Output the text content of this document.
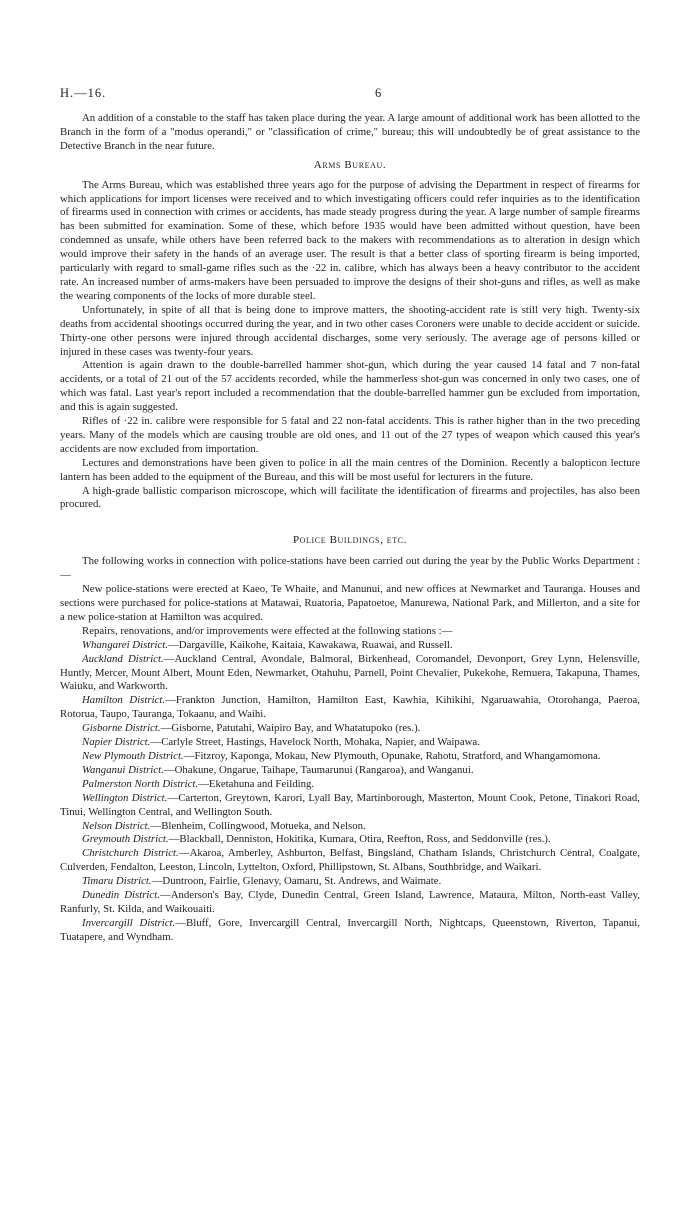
H.—16.	6

An addition of a constable to the staff has taken place during the year. A large amount of additional work has been allotted to the Branch in the form of a "modus operandi," or "classification of crime," bureau; this will undoubtedly be of great assistance to the Detective Branch in the near future.

Arms Bureau.

The Arms Bureau, which was established three years ago for the purpose of advising the Department in respect of firearms for which applications for import licenses were received and to which investigating officers could refer inquiries as to the identification of firearms used in connection with crimes or accidents, has made steady progress during the year. A large number of sample firearms has been submitted for examination. Some of these, which before 1935 would have been admitted without question, have been condemned as unsafe, while others have been referred back to the makers with recommendations as to alteration in design which would improve their safety in the hands of an average user. The result is that a better class of sporting firearm is being imported, particularly with regard to small-game rifles such as the ·22 in. calibre, which has always been a heavy contributor to the accident rate. An increased number of arms-makers have been persuaded to improve the designs of their shot-guns and rifles, as well as make the wearing components of the locks of more durable steel.

Unfortunately, in spite of all that is being done to improve matters, the shooting-accident rate is still very high. Twenty-six deaths from accidental shootings occurred during the year, and in two other cases Coroners were unable to decide accident or suicide. Thirty-one other persons were injured through accidental discharges, some very seriously. The average age of persons killed or injured in these cases was twenty-four years.

Attention is again drawn to the double-barrelled hammer shot-gun, which during the year caused 14 fatal and 7 non-fatal accidents, or a total of 21 out of the 57 accidents recorded, while the hammerless shot-gun was concerned in only two cases, one of which was fatal. Last year's report included a recommendation that the double-barrelled hammer gun be excluded from importation, and this is again suggested.

Rifles of ·22 in. calibre were responsible for 5 fatal and 22 non-fatal accidents. This is rather higher than in the two preceding years. Many of the models which are causing trouble are old ones, and 11 out of the 27 types of weapon which caused this year's accidents are now excluded from importation.

Lectures and demonstrations have been given to police in all the main centres of the Dominion. Recently a balopticon lecture lantern has been added to the equipment of the Bureau, and this will be most useful for lecturers in the future.

A high-grade ballistic comparison microscope, which will facilitate the identification of firearms and projectiles, has also been procured.

Police Buildings, etc.

The following works in connection with police-stations have been carried out during the year by the Public Works Department :—

New police-stations were erected at Kaeo, Te Whaite, and Manunui, and new offices at Newmarket and Tauranga. Houses and sections were purchased for police-stations at Matawai, Ruatoria, Papatoetoe, Manurewa, National Park, and Millerton, and a site for a new police-station at Hamilton was acquired.

Repairs, renovations, and/or improvements were effected at the following stations :—

Whangarei District.—Dargaville, Kaikohe, Kaitaia, Kawakawa, Ruawai, and Russell.

Auckland District.—Auckland Central, Avondale, Balmoral, Birkenhead, Coromandel, Devonport, Grey Lynn, Helensville, Huntly, Mercer, Mount Albert, Mount Eden, Newmarket, Otahuhu, Parnell, Point Chevalier, Pukekohe, Remuera, Takapuna, Thames, Waiuku, and Warkworth.

Hamilton District.—Frankton Junction, Hamilton, Hamilton East, Kawhia, Kihikihi, Ngaruawahia, Otorohanga, Paeroa, Rotorua, Taupo, Tauranga, Tokaanu, and Waihi.

Gisborne District.—Gisborne, Patutahi, Waipiro Bay, and Whatatupoko (res.).

Napier District.—Carlyle Street, Hastings, Havelock North, Mohaka, Napier, and Waipawa.

New Plymouth District.—Fitzroy, Kaponga, Mokau, New Plymouth, Opunake, Rahotu, Stratford, and Whangamomona.

Wanganui District.—Ohakune, Ongarue, Taihape, Taumarunui (Rangaroa), and Wanganui.

Palmerston North District.—Eketahuna and Feilding.

Wellington District.—Carterton, Greytown, Karori, Lyall Bay, Martinborough, Masterton, Mount Cook, Petone, Tinakori Road, Tinui, Wellington Central, and Wellington South.

Nelson District.—Blenheim, Collingwood, Motueka, and Nelson.

Greymouth District.—Blackball, Denniston, Hokitika, Kumara, Otira, Reefton, Ross, and Seddonville (res.).

Christchurch District.—Akaroa, Amberley, Ashburton, Belfast, Bingsland, Chatham Islands, Christchurch Central, Coalgate, Culverden, Fendalton, Leeston, Lincoln, Lyttelton, Oxford, Phillipstown, St. Albans, Southbridge, and Waikari.

Timaru District.—Duntroon, Fairlie, Glenavy, Oamaru, St. Andrews, and Waimate.

Dunedin District.—Anderson's Bay, Clyde, Dunedin Central, Green Island, Lawrence, Mataura, Milton, North-east Valley, Ranfurly, St. Kilda, and Waikouaiti.

Invercargill District.—Bluff, Gore, Invercargill Central, Invercargill North, Nightcaps, Queenstown, Riverton, Tapanui, Tuatapere, and Wyndham.
